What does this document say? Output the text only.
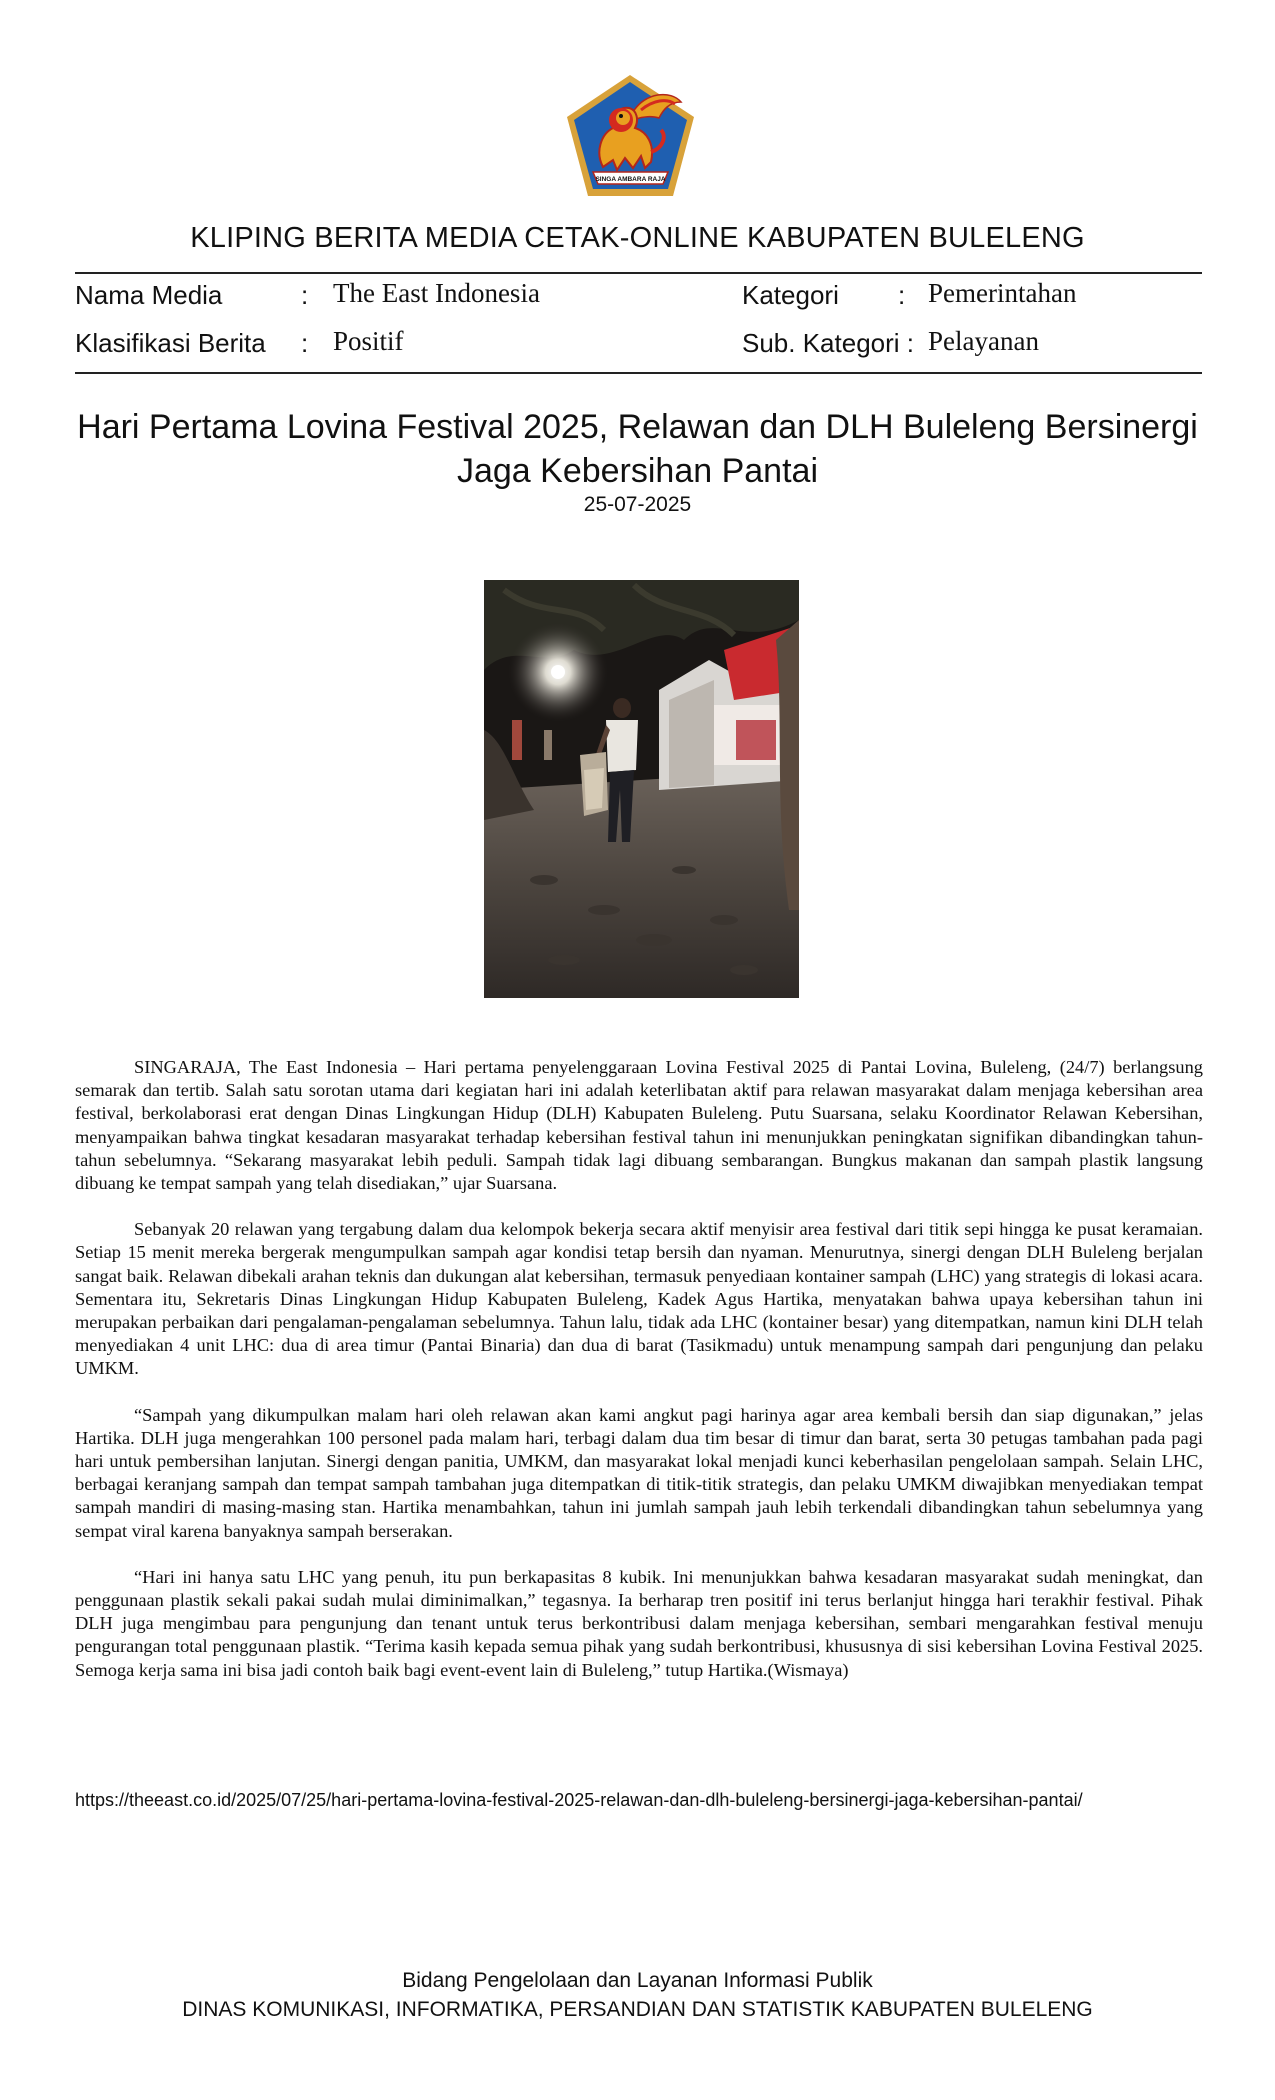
SINGA AMBARA RAJA
KLIPING BERITA MEDIA CETAK-ONLINE KABUPATEN BULELENG
Nama Media	: The East Indonesia	Kategori : Pemerintahan
Klasifikasi Berita : Positif	Sub. Kategori : Pelayanan
Hari Pertama Lovina Festival 2025, Relawan dan DLH Buleleng Bersinergi Jaga Kebersihan Pantai
25-07-2025

SINGARAJA, The East Indonesia – Hari pertama penyelenggaraan Lovina Festival 2025 di Pantai Lovina, Buleleng, (24/7) berlangsung semarak dan tertib. Salah satu sorotan utama dari kegiatan hari ini adalah keterlibatan aktif para relawan masyarakat dalam menjaga kebersihan area festival, berkolaborasi erat dengan Dinas Lingkungan Hidup (DLH) Kabupaten Buleleng. Putu Suarsana, selaku Koordinator Relawan Kebersihan, menyampaikan bahwa tingkat kesadaran masyarakat terhadap kebersihan festival tahun ini menunjukkan peningkatan signifikan dibandingkan tahun-tahun sebelumnya. “Sekarang masyarakat lebih peduli. Sampah tidak lagi dibuang sembarangan. Bungkus makanan dan sampah plastik langsung dibuang ke tempat sampah yang telah disediakan,” ujar Suarsana.

Sebanyak 20 relawan yang tergabung dalam dua kelompok bekerja secara aktif menyisir area festival dari titik sepi hingga ke pusat keramaian. Setiap 15 menit mereka bergerak mengumpulkan sampah agar kondisi tetap bersih dan nyaman. Menurutnya, sinergi dengan DLH Buleleng berjalan sangat baik. Relawan dibekali arahan teknis dan dukungan alat kebersihan, termasuk penyediaan kontainer sampah (LHC) yang strategis di lokasi acara. Sementara itu, Sekretaris Dinas Lingkungan Hidup Kabupaten Buleleng, Kadek Agus Hartika, menyatakan bahwa upaya kebersihan tahun ini merupakan perbaikan dari pengalaman-pengalaman sebelumnya. Tahun lalu, tidak ada LHC (kontainer besar) yang ditempatkan, namun kini DLH telah menyediakan 4 unit LHC: dua di area timur (Pantai Binaria) dan dua di barat (Tasikmadu) untuk menampung sampah dari pengunjung dan pelaku UMKM.

“Sampah yang dikumpulkan malam hari oleh relawan akan kami angkut pagi harinya agar area kembali bersih dan siap digunakan,” jelas Hartika. DLH juga mengerahkan 100 personel pada malam hari, terbagi dalam dua tim besar di timur dan barat, serta 30 petugas tambahan pada pagi hari untuk pembersihan lanjutan. Sinergi dengan panitia, UMKM, dan masyarakat lokal menjadi kunci keberhasilan pengelolaan sampah. Selain LHC, berbagai keranjang sampah dan tempat sampah tambahan juga ditempatkan di titik-titik strategis, dan pelaku UMKM diwajibkan menyediakan tempat sampah mandiri di masing-masing stan. Hartika menambahkan, tahun ini jumlah sampah jauh lebih terkendali dibandingkan tahun sebelumnya yang sempat viral karena banyaknya sampah berserakan.

“Hari ini hanya satu LHC yang penuh, itu pun berkapasitas 8 kubik. Ini menunjukkan bahwa kesadaran masyarakat sudah meningkat, dan penggunaan plastik sekali pakai sudah mulai diminimalkan,” tegasnya. Ia berharap tren positif ini terus berlanjut hingga hari terakhir festival. Pihak DLH juga mengimbau para pengunjung dan tenant untuk terus berkontribusi dalam menjaga kebersihan, sembari mengarahkan festival menuju pengurangan total penggunaan plastik. “Terima kasih kepada semua pihak yang sudah berkontribusi, khususnya di sisi kebersihan Lovina Festival 2025. Semoga kerja sama ini bisa jadi contoh baik bagi event-event lain di Buleleng,” tutup Hartika.(Wismaya)

https://theeast.co.id/2025/07/25/hari-pertama-lovina-festival-2025-relawan-dan-dlh-buleleng-bersinergi-jaga-kebersihan-pantai/
Bidang Pengelolaan dan Layanan Informasi Publik
DINAS KOMUNIKASI, INFORMATIKA, PERSANDIAN DAN STATISTIK KABUPATEN BULELENG
